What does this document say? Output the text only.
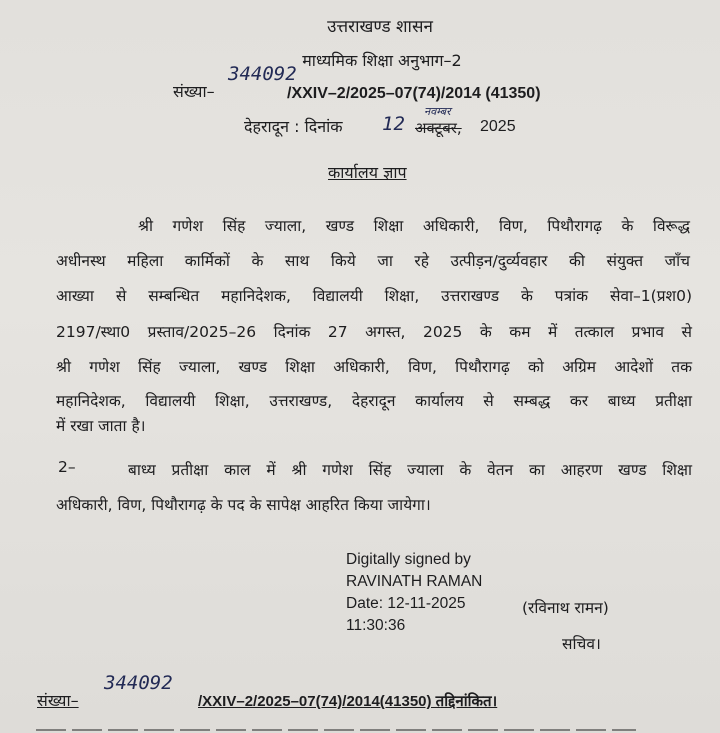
उत्तराखण्ड शासन
माध्यमिक शिक्षा अनुभाग–2
संख्या–
344092
/XXIV–2/2025–07(74)/2014 (41350)
देहरादून : दिनांक 12
नवम्बर
अक्टूबर, 2025
कार्यालय ज्ञाप
श्री गणेश सिंह ज्याला, खण्ड शिक्षा अधिकारी, विण, पिथौरागढ़ के विरूद्ध
अधीनस्थ महिला कार्मिकों के साथ किये जा रहे उत्पीड़न/दुर्व्यवहार की संयुक्त जाँच
आख्या से सम्बन्धित महानिदेशक, विद्यालयी शिक्षा, उत्तराखण्ड के पत्रांक सेवा–1(प्रश0)
2197/स्था0 प्रस्ताव/2025–26 दिनांक 27 अगस्त, 2025 के कम में तत्काल प्रभाव से
श्री गणेश सिंह ज्याला, खण्ड शिक्षा अधिकारी, विण, पिथौरागढ़ को अग्रिम आदेशों तक
महानिदेशक, विद्यालयी शिक्षा, उत्तराखण्ड, देहरादून कार्यालय से सम्बद्ध कर बाध्य प्रतीक्षा
में रखा जाता है।
2–	बाध्य प्रतीक्षा काल में श्री गणेश सिंह ज्याला के वेतन का आहरण खण्ड शिक्षा
अधिकारी, विण, पिथौरागढ़ के पद के सापेक्ष आहरित किया जायेगा।
Digitally signed by
RAVINATH RAMAN
Date: 12-11-2025
11:30:36
(रविनाथ रामन)
सचिव।
संख्या–
344092
/XXIV–2/2025–07(74)/2014(41350) तद्दिनांकित।
